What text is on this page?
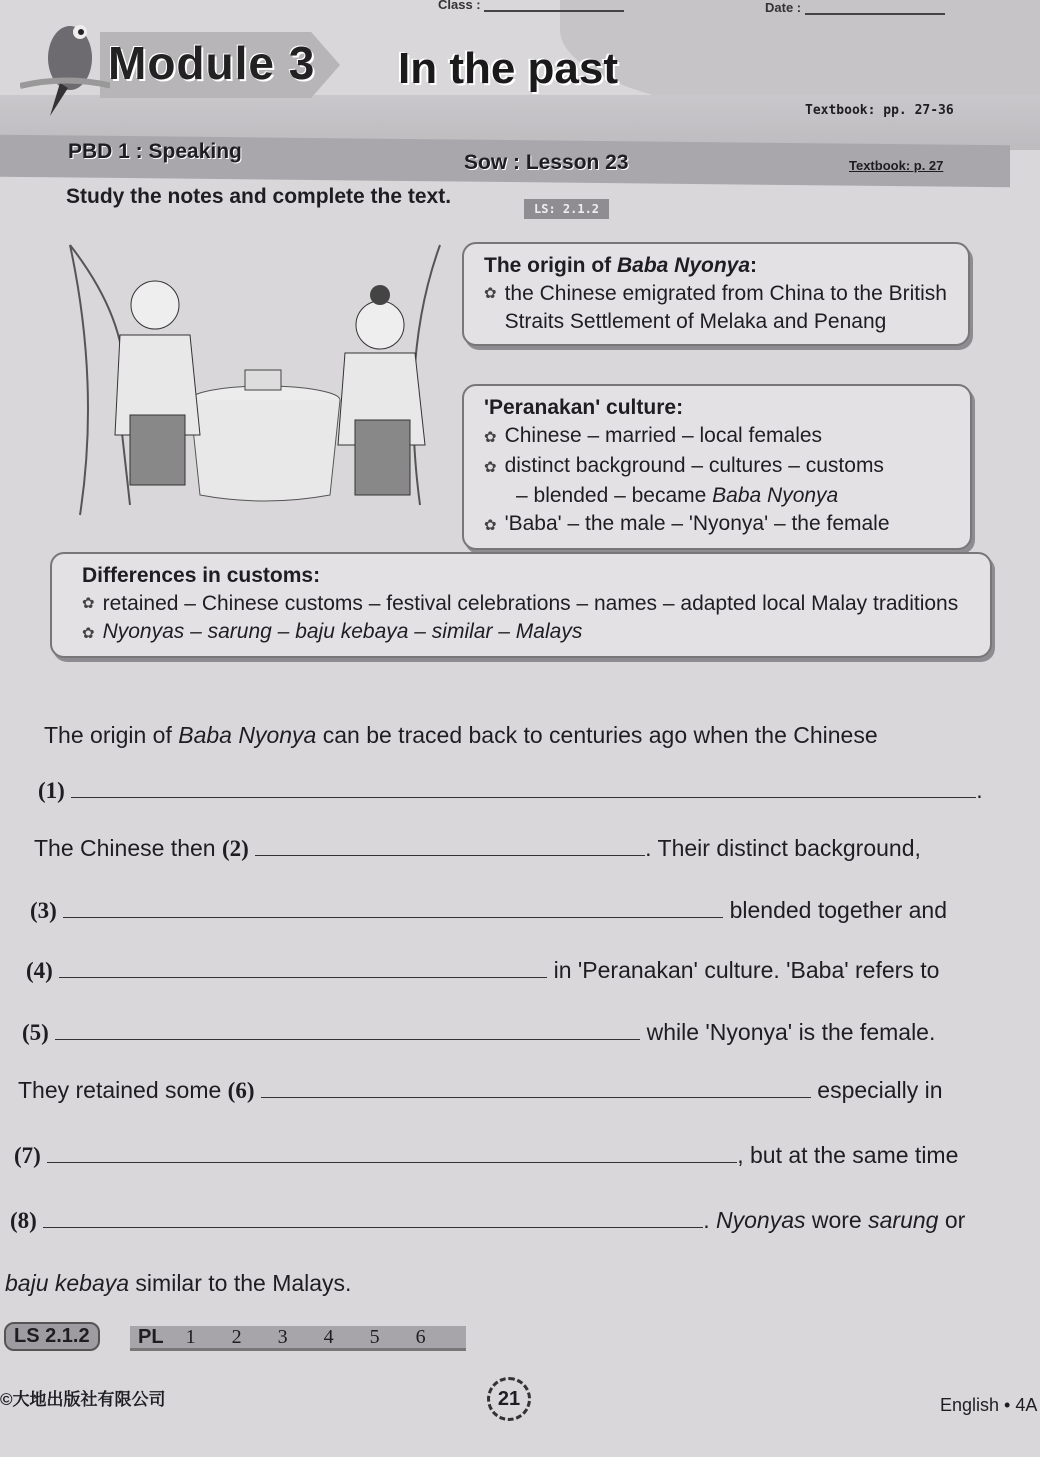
Class :	Date :
Module 3 In the past
Textbook: pp. 27-36
PBD 1 : Speaking	Sow : Lesson 23	Textbook: p. 27
Study the notes and complete the text.
LS: 2.1.2
The origin of Baba Nyonya:
✿ the Chinese emigrated from China to the British Straits Settlement of Melaka and Penang
'Peranakan' culture:
✿ Chinese – married – local females
✿ distinct background – cultures – customs
– blended – became Baba Nyonya
✿ 'Baba' – the male – 'Nyonya' – the female
Differences in customs:
✿ retained – Chinese customs – festival celebrations – names – adapted local Malay traditions
✿ Nyonyas – sarung – baju kebaya – similar – Malays
The origin of Baba Nyonya can be traced back to centuries ago when the Chinese
(1)	.
The Chinese then (2)	. Their distinct background,
(3)	blended together and
(4)	in 'Peranakan' culture. 'Baba' refers to
(5)	while 'Nyonya' is the female.
They retained some (6)	especially in
(7)	, but at the same time
(8)	. Nyonyas wore sarung or
baju kebaya similar to the Malays.
LS 2.1.2	PL 1 2 3 4 5 6
©大地出版社有限公司	21	English • 4A
